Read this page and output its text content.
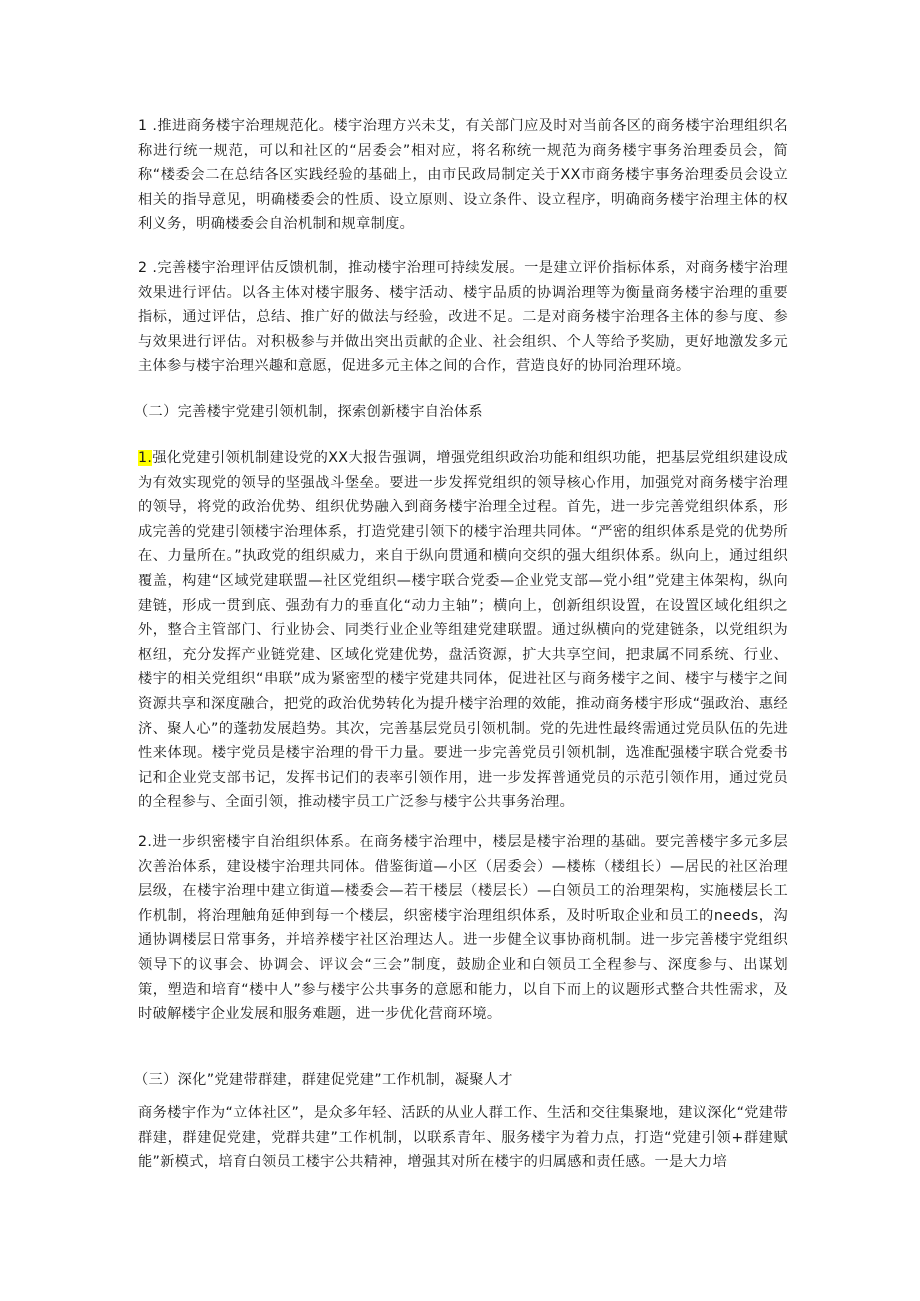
1 .推进商务楼宇治理规范化。楼宇治理方兴未艾，有关部门应及时对当前各区的商务楼宇治理组织名称进行统一规范，可以和社区的“居委会”相对应，将名称统一规范为商务楼宇事务治理委员会，简称“楼委会二在总结各区实践经验的基础上，由市民政局制定关于XX市商务楼宇事务治理委员会设立相关的指导意见，明确楼委会的性质、设立原则、设立条件、设立程序，明确商务楼宇治理主体的权利义务，明确楼委会自治机制和规章制度。

2 .完善楼宇治理评估反馈机制，推动楼宇治理可持续发展。一是建立评价指标体系，对商务楼宇治理效果进行评估。以各主体对楼宇服务、楼宇活动、楼宇品质的协调治理等为衡量商务楼宇治理的重要指标，通过评估，总结、推广好的做法与经验，改进不足。二是对商务楼宇治理各主体的参与度、参与效果进行评估。对积极参与并做出突出贡献的企业、社会组织、个人等给予奖励，更好地激发多元主体参与楼宇治理兴趣和意愿，促进多元主体之间的合作，营造良好的协同治理环境。

（二）完善楼宇党建引领机制，探索创新楼宇自治体系

1.强化党建引领机制建设党的XX大报告强调，增强党组织政治功能和组织功能，把基层党组织建设成为有效实现党的领导的坚强战斗堡垒。要进一步发挥党组织的领导核心作用，加强党对商务楼宇治理的领导，将党的政治优势、组织优势融入到商务楼宇治理全过程。首先，进一步完善党组织体系，形成完善的党建引领楼宇治理体系，打造党建引领下的楼宇治理共同体。“严密的组织体系是党的优势所在、力量所在。”执政党的组织威力，来自于纵向贯通和横向交织的强大组织体系。纵向上，通过组织覆盖，构建“区域党建联盟—社区党组织—楼宇联合党委—企业党支部—党小组”党建主体架构，纵向建链，形成一贯到底、强劲有力的垂直化“动力主轴”；横向上，创新组织设置，在设置区域化组织之外，整合主管部门、行业协会、同类行业企业等组建党建联盟。通过纵横向的党建链条，以党组织为枢纽，充分发挥产业链党建、区域化党建优势，盘活资源，扩大共享空间，把隶属不同系统、行业、楼宇的相关党组织“串联”成为紧密型的楼宇党建共同体，促进社区与商务楼宇之间、楼宇与楼宇之间资源共享和深度融合，把党的政治优势转化为提升楼宇治理的效能，推动商务楼宇形成“强政治、惠经济、聚人心”的蓬勃发展趋势。其次，完善基层党员引领机制。党的先进性最终需通过党员队伍的先进性来体现。楼宇党员是楼宇治理的骨干力量。要进一步完善党员引领机制，选准配强楼宇联合党委书记和企业党支部书记，发挥书记们的表率引领作用，进一步发挥普通党员的示范引领作用，通过党员的全程参与、全面引领，推动楼宇员工广泛参与楼宇公共事务治理。

2.进一步织密楼宇自治组织体系。在商务楼宇治理中，楼层是楼宇治理的基础。要完善楼宇多元多层次善治体系，建设楼宇治理共同体。借鉴街道—小区（居委会）—楼栋（楼组长）—居民的社区治理层级，在楼宇治理中建立街道—楼委会—若干楼层（楼层长）—白领员工的治理架构，实施楼层长工作机制，将治理触角延伸到每一个楼层，织密楼宇治理组织体系，及时听取企业和员工的needs，沟通协调楼层日常事务，并培养楼宇社区治理达人。进一步健全议事协商机制。进一步完善楼宇党组织领导下的议事会、协调会、评议会“三会”制度，鼓励企业和白领员工全程参与、深度参与、出谋划策，塑造和培育“楼中人”参与楼宇公共事务的意愿和能力，以自下而上的议题形式整合共性需求，及时破解楼宇企业发展和服务难题，进一步优化营商环境。

（三）深化”党建带群建，群建促党建”工作机制，凝聚人才

商务楼宇作为“立体社区”，是众多年轻、活跃的从业人群工作、生活和交往集聚地，建议深化“党建带群建，群建促党建，党群共建”工作机制，以联系青年、服务楼宇为着力点，打造“党建引领+群建赋能”新模式，培育白领员工楼宇公共精神，增强其对所在楼宇的归属感和责任感。一是大力培
